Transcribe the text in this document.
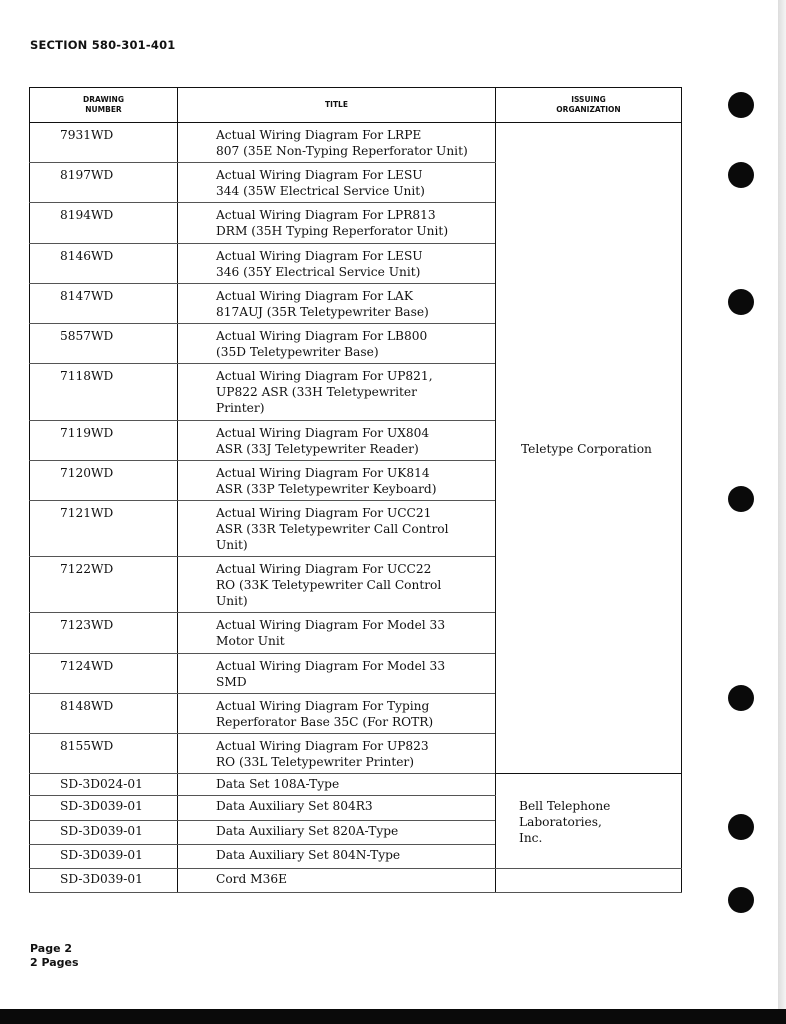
SECTION 580-301-401
DRAWING
NUMBER	TITLE	ISSUING
ORGANIZATION
7931WD	Actual Wiring Diagram For LRPE
807 (35E Non-Typing Reperforator Unit)	Teletype Corporation
8197WD	Actual Wiring Diagram For LESU
344 (35W Electrical Service Unit)	
8194WD	Actual Wiring Diagram For LPR813
DRM (35H Typing Reperforator Unit)	
8146WD	Actual Wiring Diagram For LESU
346 (35Y Electrical Service Unit)	
8147WD	Actual Wiring Diagram For LAK
817AUJ (35R Teletypewriter Base)	
5857WD	Actual Wiring Diagram For LB800
(35D Teletypewriter Base)	
7118WD	Actual Wiring Diagram For UP821,
UP822 ASR (33H Teletypewriter
Printer)	
7119WD	Actual Wiring Diagram For UX804
ASR (33J Teletypewriter Reader)	
7120WD	Actual Wiring Diagram For UK814
ASR (33P Teletypewriter Keyboard)	
7121WD	Actual Wiring Diagram For UCC21
ASR (33R Teletypewriter Call Control
Unit)	
7122WD	Actual Wiring Diagram For UCC22
RO (33K Teletypewriter Call Control
Unit)	
7123WD	Actual Wiring Diagram For Model 33
Motor Unit	
7124WD	Actual Wiring Diagram For Model 33
SMD	
8148WD	Actual Wiring Diagram For Typing
Reperforator Base 35C (For ROTR)	
8155WD	Actual Wiring Diagram For UP823
RO (33L Teletypewriter Printer)	
SD-3D024-01	Data Set 108A-Type	Bell Telephone
Laboratories,
Inc.
SD-3D039-01	Data Auxiliary Set 804R3	
SD-3D039-01	Data Auxiliary Set 820A-Type	
SD-3D039-01	Data Auxiliary Set 804N-Type	
SD-3D039-01	Cord M36E	
Page 2
2 Pages
